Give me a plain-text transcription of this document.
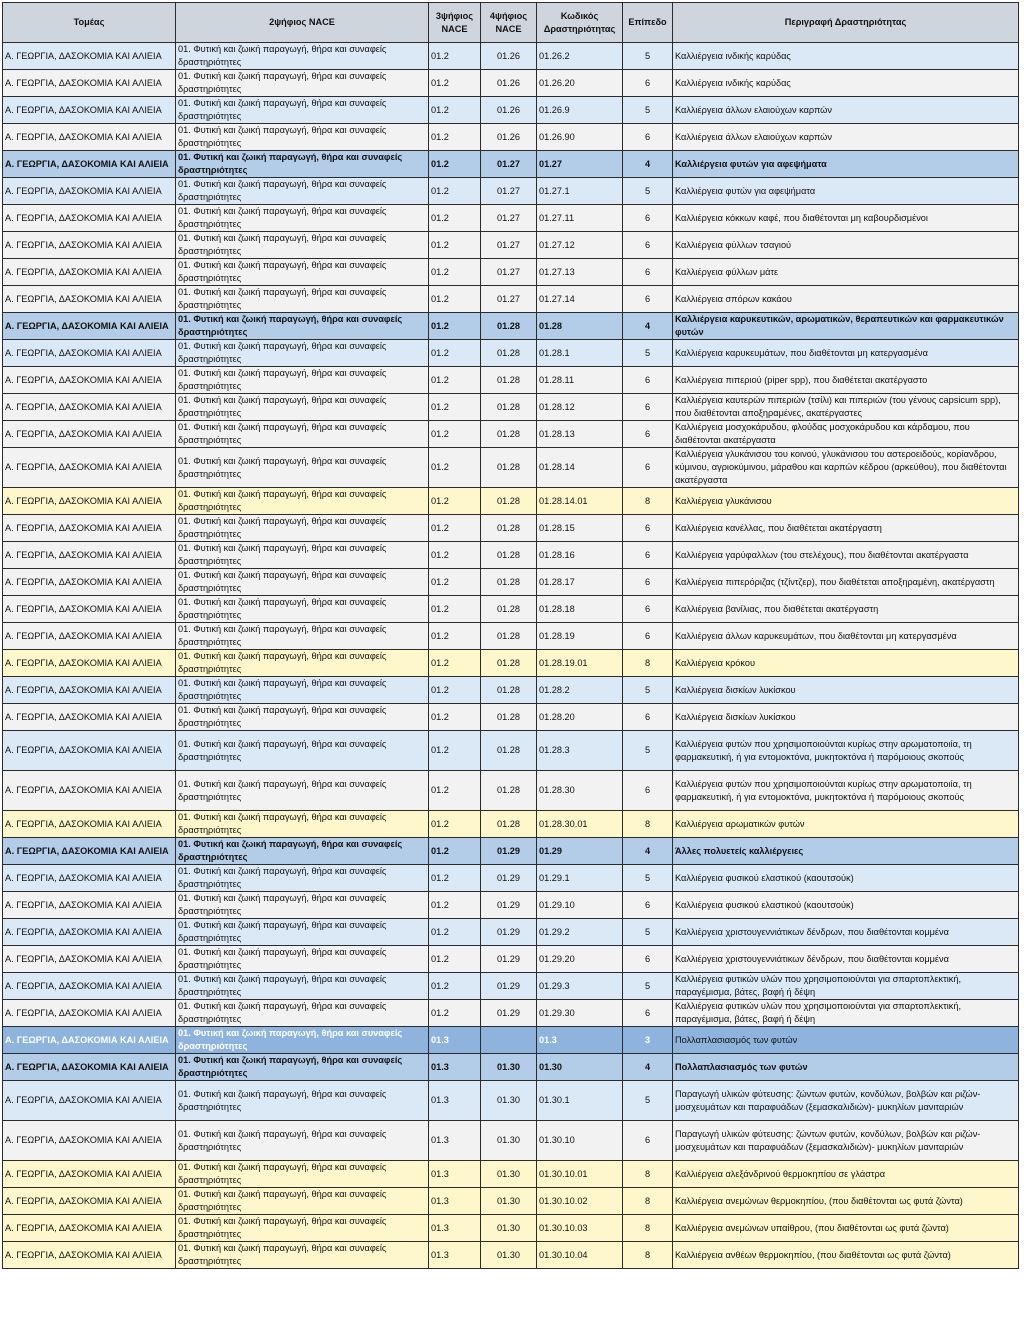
Τομέας	2ψήφιος NACE	3ψήφιος NACE	4ψήφιος NACE	Κωδικός Δραστηριότητας	Επίπεδο	Περιγραφή Δραστηριότητας
Α. ΓΕΩΡΓΙΑ, ΔΑΣΟΚΟΜΙΑ ΚΑΙ ΑΛΙΕΙΑ	01. Φυτική και ζωική παραγωγή, θήρα και συναφείς δραστηριότητες	01.2	01.26	01.26.2	5	Καλλιέργεια ινδικής καρύδας
Α. ΓΕΩΡΓΙΑ, ΔΑΣΟΚΟΜΙΑ ΚΑΙ ΑΛΙΕΙΑ	01. Φυτική και ζωική παραγωγή, θήρα και συναφείς δραστηριότητες	01.2	01.26	01.26.20	6	Καλλιέργεια ινδικής καρύδας
Α. ΓΕΩΡΓΙΑ, ΔΑΣΟΚΟΜΙΑ ΚΑΙ ΑΛΙΕΙΑ	01. Φυτική και ζωική παραγωγή, θήρα και συναφείς δραστηριότητες	01.2	01.26	01.26.9	5	Καλλιέργεια άλλων ελαιούχων καρπών
Α. ΓΕΩΡΓΙΑ, ΔΑΣΟΚΟΜΙΑ ΚΑΙ ΑΛΙΕΙΑ	01. Φυτική και ζωική παραγωγή, θήρα και συναφείς δραστηριότητες	01.2	01.26	01.26.90	6	Καλλιέργεια άλλων ελαιούχων καρπών
Α. ΓΕΩΡΓΙΑ, ΔΑΣΟΚΟΜΙΑ ΚΑΙ ΑΛΙΕΙΑ	01. Φυτική και ζωική παραγωγή, θήρα και συναφείς δραστηριότητες	01.2	01.27	01.27	4	Καλλιέργεια φυτών για αφεψήματα
Α. ΓΕΩΡΓΙΑ, ΔΑΣΟΚΟΜΙΑ ΚΑΙ ΑΛΙΕΙΑ	01. Φυτική και ζωική παραγωγή, θήρα και συναφείς δραστηριότητες	01.2	01.27	01.27.1	5	Καλλιέργεια φυτών για αφεψήματα
Α. ΓΕΩΡΓΙΑ, ΔΑΣΟΚΟΜΙΑ ΚΑΙ ΑΛΙΕΙΑ	01. Φυτική και ζωική παραγωγή, θήρα και συναφείς δραστηριότητες	01.2	01.27	01.27.11	6	Καλλιέργεια κόκκων καφέ, που διαθέτονται μη καβουρδισμένοι
Α. ΓΕΩΡΓΙΑ, ΔΑΣΟΚΟΜΙΑ ΚΑΙ ΑΛΙΕΙΑ	01. Φυτική και ζωική παραγωγή, θήρα και συναφείς δραστηριότητες	01.2	01.27	01.27.12	6	Καλλιέργεια φύλλων τσαγιού
Α. ΓΕΩΡΓΙΑ, ΔΑΣΟΚΟΜΙΑ ΚΑΙ ΑΛΙΕΙΑ	01. Φυτική και ζωική παραγωγή, θήρα και συναφείς δραστηριότητες	01.2	01.27	01.27.13	6	Καλλιέργεια φύλλων μάτε
Α. ΓΕΩΡΓΙΑ, ΔΑΣΟΚΟΜΙΑ ΚΑΙ ΑΛΙΕΙΑ	01. Φυτική και ζωική παραγωγή, θήρα και συναφείς δραστηριότητες	01.2	01.27	01.27.14	6	Καλλιέργεια σπόρων κακάου
Α. ΓΕΩΡΓΙΑ, ΔΑΣΟΚΟΜΙΑ ΚΑΙ ΑΛΙΕΙΑ	01. Φυτική και ζωική παραγωγή, θήρα και συναφείς δραστηριότητες	01.2	01.28	01.28	4	Καλλιέργεια καρυκευτικών, αρωματικών, θεραπευτικών και φαρμακευτικών φυτών
Α. ΓΕΩΡΓΙΑ, ΔΑΣΟΚΟΜΙΑ ΚΑΙ ΑΛΙΕΙΑ	01. Φυτική και ζωική παραγωγή, θήρα και συναφείς δραστηριότητες	01.2	01.28	01.28.1	5	Καλλιέργεια καρυκευμάτων, που διαθέτονται μη κατεργασμένα
Α. ΓΕΩΡΓΙΑ, ΔΑΣΟΚΟΜΙΑ ΚΑΙ ΑΛΙΕΙΑ	01. Φυτική και ζωική παραγωγή, θήρα και συναφείς δραστηριότητες	01.2	01.28	01.28.11	6	Καλλιέργεια πιπεριού (piper spp), που διαθέτεται ακατέργαστο
Α. ΓΕΩΡΓΙΑ, ΔΑΣΟΚΟΜΙΑ ΚΑΙ ΑΛΙΕΙΑ	01. Φυτική και ζωική παραγωγή, θήρα και συναφείς δραστηριότητες	01.2	01.28	01.28.12	6	Καλλιέργεια καυτερών πιπεριών (τσίλι) και πιπεριών (του γένους capsicum spp), που διαθέτονται αποξηραμένες, ακατέργαστες
Α. ΓΕΩΡΓΙΑ, ΔΑΣΟΚΟΜΙΑ ΚΑΙ ΑΛΙΕΙΑ	01. Φυτική και ζωική παραγωγή, θήρα και συναφείς δραστηριότητες	01.2	01.28	01.28.13	6	Καλλιέργεια μοσχοκάρυδου, φλούδας μοσχοκάρυδου και κάρδαμου, που διαθέτονται ακατέργαστα
Α. ΓΕΩΡΓΙΑ, ΔΑΣΟΚΟΜΙΑ ΚΑΙ ΑΛΙΕΙΑ	01. Φυτική και ζωική παραγωγή, θήρα και συναφείς δραστηριότητες	01.2	01.28	01.28.14	6	Καλλιέργεια γλυκάνισου του κοινού, γλυκάνισου του αστεροειδούς, κορίανδρου, κύμινου, αγριοκύμινου, μάραθου και καρπών κέδρου (αρκεύθου), που διαθέτονται ακατέργαστα
Α. ΓΕΩΡΓΙΑ, ΔΑΣΟΚΟΜΙΑ ΚΑΙ ΑΛΙΕΙΑ	01. Φυτική και ζωική παραγωγή, θήρα και συναφείς δραστηριότητες	01.2	01.28	01.28.14.01	8	Καλλιέργεια γλυκάνισου
Α. ΓΕΩΡΓΙΑ, ΔΑΣΟΚΟΜΙΑ ΚΑΙ ΑΛΙΕΙΑ	01. Φυτική και ζωική παραγωγή, θήρα και συναφείς δραστηριότητες	01.2	01.28	01.28.15	6	Καλλιέργεια κανέλλας, που διαθέτεται ακατέργαστη
Α. ΓΕΩΡΓΙΑ, ΔΑΣΟΚΟΜΙΑ ΚΑΙ ΑΛΙΕΙΑ	01. Φυτική και ζωική παραγωγή, θήρα και συναφείς δραστηριότητες	01.2	01.28	01.28.16	6	Καλλιέργεια γαρύφαλλων (του στελέχους), που διαθέτονται ακατέργαστα
Α. ΓΕΩΡΓΙΑ, ΔΑΣΟΚΟΜΙΑ ΚΑΙ ΑΛΙΕΙΑ	01. Φυτική και ζωική παραγωγή, θήρα και συναφείς δραστηριότητες	01.2	01.28	01.28.17	6	Καλλιέργεια πιπερόριζας (τζίντζερ), που διαθέτεται αποξηραμένη, ακατέργαστη
Α. ΓΕΩΡΓΙΑ, ΔΑΣΟΚΟΜΙΑ ΚΑΙ ΑΛΙΕΙΑ	01. Φυτική και ζωική παραγωγή, θήρα και συναφείς δραστηριότητες	01.2	01.28	01.28.18	6	Καλλιέργεια βανίλιας, που διαθέτεται ακατέργαστη
Α. ΓΕΩΡΓΙΑ, ΔΑΣΟΚΟΜΙΑ ΚΑΙ ΑΛΙΕΙΑ	01. Φυτική και ζωική παραγωγή, θήρα και συναφείς δραστηριότητες	01.2	01.28	01.28.19	6	Καλλιέργεια άλλων καρυκευμάτων, που διαθέτονται μη κατεργασμένα
Α. ΓΕΩΡΓΙΑ, ΔΑΣΟΚΟΜΙΑ ΚΑΙ ΑΛΙΕΙΑ	01. Φυτική και ζωική παραγωγή, θήρα και συναφείς δραστηριότητες	01.2	01.28	01.28.19.01	8	Καλλιέργεια κρόκου
Α. ΓΕΩΡΓΙΑ, ΔΑΣΟΚΟΜΙΑ ΚΑΙ ΑΛΙΕΙΑ	01. Φυτική και ζωική παραγωγή, θήρα και συναφείς δραστηριότητες	01.2	01.28	01.28.2	5	Καλλιέργεια δισκίων λυκίσκου
Α. ΓΕΩΡΓΙΑ, ΔΑΣΟΚΟΜΙΑ ΚΑΙ ΑΛΙΕΙΑ	01. Φυτική και ζωική παραγωγή, θήρα και συναφείς δραστηριότητες	01.2	01.28	01.28.20	6	Καλλιέργεια δισκίων λυκίσκου
Α. ΓΕΩΡΓΙΑ, ΔΑΣΟΚΟΜΙΑ ΚΑΙ ΑΛΙΕΙΑ	01. Φυτική και ζωική παραγωγή, θήρα και συναφείς δραστηριότητες	01.2	01.28	01.28.3	5	Καλλιέργεια φυτών που χρησιμοποιούνται κυρίως στην αρωματοποιία, τη φαρμακευτική, ή για εντομοκτόνα, μυκητοκτόνα ή παρόμοιους σκοπούς
Α. ΓΕΩΡΓΙΑ, ΔΑΣΟΚΟΜΙΑ ΚΑΙ ΑΛΙΕΙΑ	01. Φυτική και ζωική παραγωγή, θήρα και συναφείς δραστηριότητες	01.2	01.28	01.28.30	6	Καλλιέργεια φυτών που χρησιμοποιούνται κυρίως στην αρωματοποιία, τη φαρμακευτική, ή για εντομοκτόνα, μυκητοκτόνα ή παρόμοιους σκοπούς
Α. ΓΕΩΡΓΙΑ, ΔΑΣΟΚΟΜΙΑ ΚΑΙ ΑΛΙΕΙΑ	01. Φυτική και ζωική παραγωγή, θήρα και συναφείς δραστηριότητες	01.2	01.28	01.28.30.01	8	Καλλιέργεια αρωματικών φυτών
Α. ΓΕΩΡΓΙΑ, ΔΑΣΟΚΟΜΙΑ ΚΑΙ ΑΛΙΕΙΑ	01. Φυτική και ζωική παραγωγή, θήρα και συναφείς δραστηριότητες	01.2	01.29	01.29	4	Άλλες πολυετείς καλλιέργειες
Α. ΓΕΩΡΓΙΑ, ΔΑΣΟΚΟΜΙΑ ΚΑΙ ΑΛΙΕΙΑ	01. Φυτική και ζωική παραγωγή, θήρα και συναφείς δραστηριότητες	01.2	01.29	01.29.1	5	Καλλιέργεια φυσικού ελαστικού (καουτσούκ)
Α. ΓΕΩΡΓΙΑ, ΔΑΣΟΚΟΜΙΑ ΚΑΙ ΑΛΙΕΙΑ	01. Φυτική και ζωική παραγωγή, θήρα και συναφείς δραστηριότητες	01.2	01.29	01.29.10	6	Καλλιέργεια φυσικού ελαστικού (καουτσούκ)
Α. ΓΕΩΡΓΙΑ, ΔΑΣΟΚΟΜΙΑ ΚΑΙ ΑΛΙΕΙΑ	01. Φυτική και ζωική παραγωγή, θήρα και συναφείς δραστηριότητες	01.2	01.29	01.29.2	5	Καλλιέργεια χριστουγεννιάτικων δένδρων, που διαθέτονται κομμένα
Α. ΓΕΩΡΓΙΑ, ΔΑΣΟΚΟΜΙΑ ΚΑΙ ΑΛΙΕΙΑ	01. Φυτική και ζωική παραγωγή, θήρα και συναφείς δραστηριότητες	01.2	01.29	01.29.20	6	Καλλιέργεια χριστουγεννιάτικων δένδρων, που διαθέτονται κομμένα
Α. ΓΕΩΡΓΙΑ, ΔΑΣΟΚΟΜΙΑ ΚΑΙ ΑΛΙΕΙΑ	01. Φυτική και ζωική παραγωγή, θήρα και συναφείς δραστηριότητες	01.2	01.29	01.29.3	5	Καλλιέργεια φυτικών υλών που χρησιμοποιούνται για σπαρτοπλεκτική, παραγέμισμα, βάτες, βαφή ή δέψη
Α. ΓΕΩΡΓΙΑ, ΔΑΣΟΚΟΜΙΑ ΚΑΙ ΑΛΙΕΙΑ	01. Φυτική και ζωική παραγωγή, θήρα και συναφείς δραστηριότητες	01.2	01.29	01.29.30	6	Καλλιέργεια φυτικών υλών που χρησιμοποιούνται για σπαρτοπλεκτική, παραγέμισμα, βάτες, βαφή ή δέψη
Α. ΓΕΩΡΓΙΑ, ΔΑΣΟΚΟΜΙΑ ΚΑΙ ΑΛΙΕΙΑ	01. Φυτική και ζωική παραγωγή, θήρα και συναφείς δραστηριότητες	01.3		01.3	3	Πολλαπλασιασμός των φυτών
Α. ΓΕΩΡΓΙΑ, ΔΑΣΟΚΟΜΙΑ ΚΑΙ ΑΛΙΕΙΑ	01. Φυτική και ζωική παραγωγή, θήρα και συναφείς δραστηριότητες	01.3	01.30	01.30	4	Πολλαπλασιασμός των φυτών
Α. ΓΕΩΡΓΙΑ, ΔΑΣΟΚΟΜΙΑ ΚΑΙ ΑΛΙΕΙΑ	01. Φυτική και ζωική παραγωγή, θήρα και συναφείς δραστηριότητες	01.3	01.30	01.30.1	5	Παραγωγή υλικών φύτευσης: ζώντων φυτών, κονδύλων, βολβών και ριζών- μοσχευμάτων και παραφυάδων (ξεμασκαλιδιών)- μυκηλίων μανιταριών
Α. ΓΕΩΡΓΙΑ, ΔΑΣΟΚΟΜΙΑ ΚΑΙ ΑΛΙΕΙΑ	01. Φυτική και ζωική παραγωγή, θήρα και συναφείς δραστηριότητες	01.3	01.30	01.30.10	6	Παραγωγή υλικών φύτευσης: ζώντων φυτών, κονδύλων, βολβών και ριζών- μοσχευμάτων και παραφυάδων (ξεμασκαλιδιών)- μυκηλίων μανιταριών
Α. ΓΕΩΡΓΙΑ, ΔΑΣΟΚΟΜΙΑ ΚΑΙ ΑΛΙΕΙΑ	01. Φυτική και ζωική παραγωγή, θήρα και συναφείς δραστηριότητες	01.3	01.30	01.30.10.01	8	Καλλιέργεια αλεξάνδρινού θερμοκηπίου σε γλάστρα
Α. ΓΕΩΡΓΙΑ, ΔΑΣΟΚΟΜΙΑ ΚΑΙ ΑΛΙΕΙΑ	01. Φυτική και ζωική παραγωγή, θήρα και συναφείς δραστηριότητες	01.3	01.30	01.30.10.02	8	Καλλιέργεια ανεμώνων θερμοκηπίου, (που διαθέτονται ως φυτά ζώντα)
Α. ΓΕΩΡΓΙΑ, ΔΑΣΟΚΟΜΙΑ ΚΑΙ ΑΛΙΕΙΑ	01. Φυτική και ζωική παραγωγή, θήρα και συναφείς δραστηριότητες	01.3	01.30	01.30.10.03	8	Καλλιέργεια ανεμώνων υπαίθρου, (που διαθέτονται ως φυτά ζώντα)
Α. ΓΕΩΡΓΙΑ, ΔΑΣΟΚΟΜΙΑ ΚΑΙ ΑΛΙΕΙΑ	01. Φυτική και ζωική παραγωγή, θήρα και συναφείς δραστηριότητες	01.3	01.30	01.30.10.04	8	Καλλιέργεια ανθέων θερμοκηπίου, (που διαθέτονται ως φυτά ζώντα)
